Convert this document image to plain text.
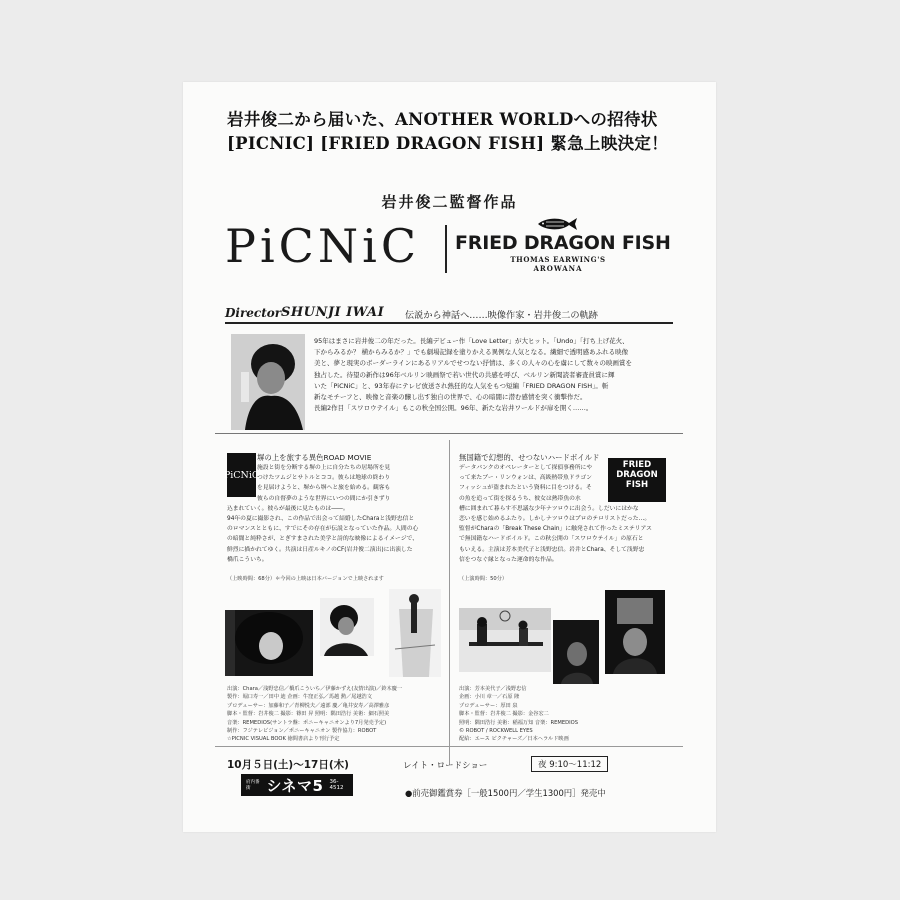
岩井俊二から届いた、ANOTHER WORLDへの招待状
[PICNIC] [FRIED DRAGON FISH] 緊急上映決定！
岩井俊二監督作品
PiCNiC FRIED DRAGON FISH
THOMAS EARWING'S
AROWANA
Director SHUNJI IWAI 伝説から神話へ……映像作家・岩井俊二の軌跡
95年はまさに岩井俊二の年だった。長編デビュー作「Love Letter」が大ヒット。「Undo」「打ち上げ花火、
下からみるか？ 横からみるか？」でも劇場記録を塗りかえる異例な人気となる。繊細で透明感あふれる映像
美と、夢と現実のボーダーラインにあるリアルでせつない抒情は、多くの人々の心を虜にして数々の映画賞を
独占した。待望の新作は96年ベルリン映画祭で若い世代の共感を呼び、ベルリン新聞読者審査員賞に輝
いた「PiCNiC」と、93年春にテレビ放送され熱狂的な人気をもつ短編「FRIED DRAGON FISH」。斬
新なモチーフと、映像と音楽の醸し出す独自の世界で、心の暗闇に潜む感情を突く衝撃作だ。
長編2作目「スワロウテイル」もこの秋全国公開。96年、新たな岩井ワールドが扉を開く……。
PiCNiC
塀の上を旅する異色ROAD MOVIE
施設と街を分断する塀の上に自分たちの居場所を見
つけたツムジとサトルとココ。彼らは地球の終わり
を見届けようと、塀から塀へと旅を始める。観客も
彼らの自督夢のような世界にいつの間にか引きずり
込まれていく。彼らが最後に見たものは――。
94年の夏に撮影され、この作品で出会って結婚したCharaと浅野忠信と
のロマンスとともに、すでにその存在が伝説となっていた作品。人間の心
の暗闇と純粋さが、とぎすまされた美学と詩的な映像によるイメージで、
鮮烈に描かれてゆく。共演は日産ルキノのCF(岩井俊二演出)に出演した
橋爪こういち。
（上映時間：68分）＊今回の上映は日本バージョンで上映されます
出演：Chara／浅野忠信／橋爪こういち／伊藤かずえ(友情出演)／鈴木慶一
製作：堀口寿一／田中 迪 企画：牛窪正弘／馬越 勲／尾越浩文
プロデューサー：加藤和子／青柳悦夫／遠部 慶／亀井安寿／高澤雅彦
脚本・監督：岩井俊二 撮影：篠田 昇 照明：隅田浩行 美術：細石照美
音楽：REMEDIOS(サントラ盤：ポニーキャニオンより7月発売予定)
制作：フジテレビジョン／ポニーキャニオン 製作協力：ROBOT
☆PICNIC VISUAL BOOK 徳間書店より刊行予定
無国籍で幻想的、せつないハードボイルド
FRIED
DRAGON
FISH
データバンクのオペレーターとして探偵事務所にや
って来たブー・リンウォンは、高級熱帯魚ドラゴン
フィッシュが盗まれたという資料に目をつける。そ
の魚を追って街を探るうち、彼女は熱帯魚の水
槽に囲まれて暮らす不思議な少年ナツロウに出会う。しだいにはかな
恋いを感じ始めるふたり。しかしナツロウはプロのテロリストだった…。
監督がCharaの「Break These Chain」に触発されて作ったミステリアス
で無国籍なハードボイルド。この秋公開の「スワロウテイル」の原石と
もいえる。主演は芳本美代子と浅野忠信。岩井とChara、そして浅野忠
信をつなぐ縁となった運命的な作品。
（上演時間：50分）
出演：芳本美代子／浅野忠信
企画：小川 章一／石原 隆
プロデューサー：厚田 泉
脚本・監督：岩井俊二 撮影：金谷宏二
照明：隅田浩行 美術：稲福万知 音楽：REMEDIOS
© ROBOT / ROCKWELL EYES
配給：エース ピクチャーズ／日本ヘラルド映画
10月５日(土)～17日(木)	レイト・ロードショー	夜 9:10〜11:12
府内番街	シネマ5 36-4512	●前売御鑑賞券［一般1500円／学生1300円］発売中
